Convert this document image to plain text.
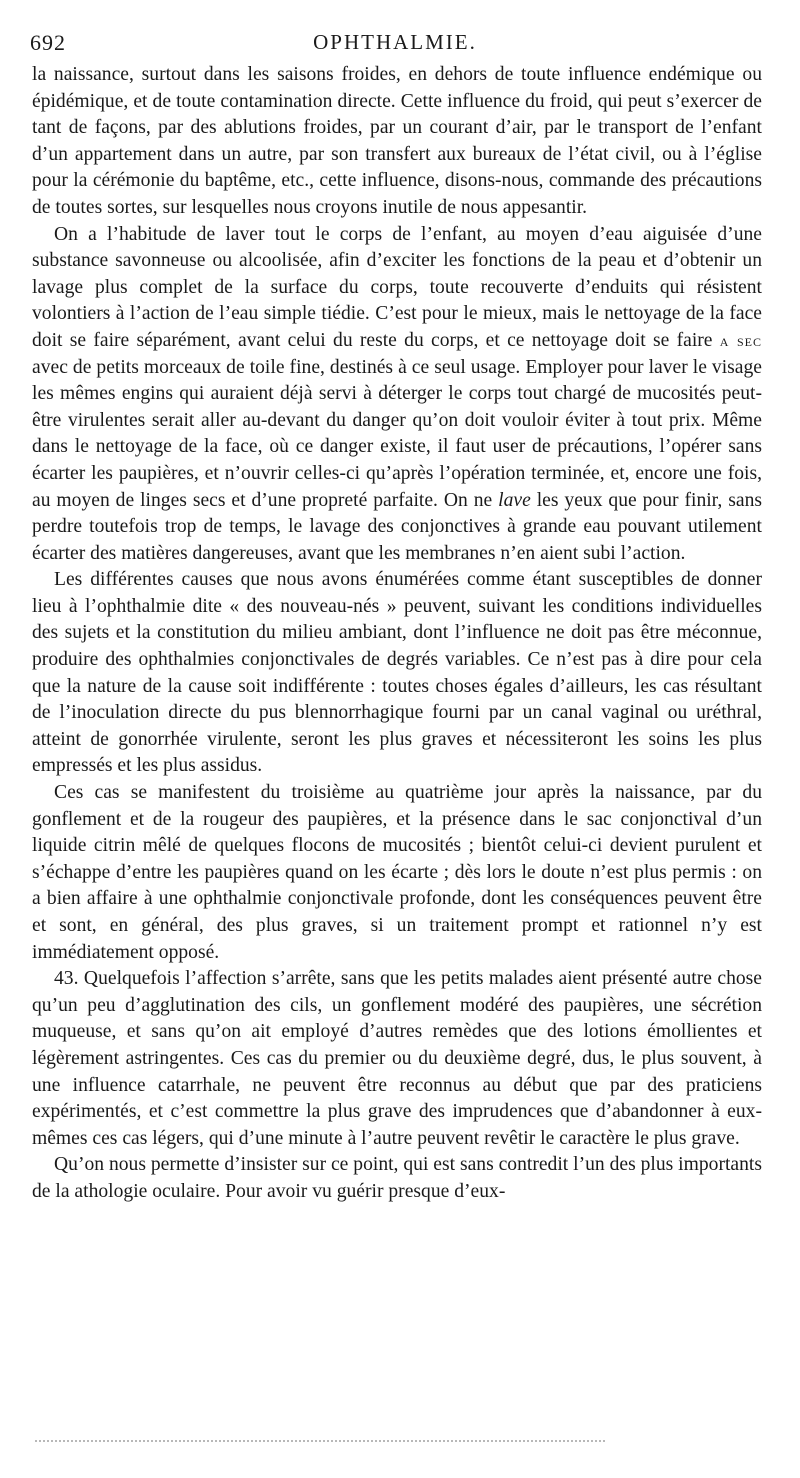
692	OPHTHALMIE.

la naissance, surtout dans les saisons froides, en dehors de toute influence endémique ou épidémique, et de toute contamination directe. Cette influence du froid, qui peut s’exercer de tant de façons, par des ablutions froides, par un courant d’air, par le transport de l’enfant d’un appartement dans un autre, par son transfert aux bureaux de l’état civil, ou à l’église pour la cérémonie du baptême, etc., cette influence, disons-nous, commande des précautions de toutes sortes, sur lesquelles nous croyons inutile de nous appesantir.

On a l’habitude de laver tout le corps de l’enfant, au moyen d’eau aiguisée d’une substance savonneuse ou alcoolisée, afin d’exciter les fonctions de la peau et d’obtenir un lavage plus complet de la surface du corps, toute recouverte d’enduits qui résistent volontiers à l’action de l’eau simple tiédie. C’est pour le mieux, mais le nettoyage de la face doit se faire séparément, avant celui du reste du corps, et ce nettoyage doit se faire a sec avec de petits morceaux de toile fine, destinés à ce seul usage. Employer pour laver le visage les mêmes engins qui auraient déjà servi à déterger le corps tout chargé de mucosités peut-être virulentes serait aller au-devant du danger qu’on doit vouloir éviter à tout prix. Même dans le nettoyage de la face, où ce danger existe, il faut user de précautions, l’opérer sans écarter les paupières, et n’ouvrir celles-ci qu’après l’opération terminée, et, encore une fois, au moyen de linges secs et d’une propreté parfaite. On ne lave les yeux que pour finir, sans perdre toutefois trop de temps, le lavage des conjonctives à grande eau pouvant utilement écarter des matières dangereuses, avant que les membranes n’en aient subi l’action.

Les différentes causes que nous avons énumérées comme étant susceptibles de donner lieu à l’ophthalmie dite « des nouveau-nés » peuvent, suivant les conditions individuelles des sujets et la constitution du milieu ambiant, dont l’influence ne doit pas être méconnue, produire des ophthalmies conjonctivales de degrés variables. Ce n’est pas à dire pour cela que la nature de la cause soit indifférente : toutes choses égales d’ailleurs, les cas résultant de l’inoculation directe du pus blennorrhagique fourni par un canal vaginal ou uréthral, atteint de gonorrhée virulente, seront les plus graves et nécessiteront les soins les plus empressés et les plus assidus.

Ces cas se manifestent du troisième au quatrième jour après la naissance, par du gonflement et de la rougeur des paupières, et la présence dans le sac conjonctival d’un liquide citrin mêlé de quelques flocons de mucosités ; bientôt celui-ci devient purulent et s’échappe d’entre les paupières quand on les écarte ; dès lors le doute n’est plus permis : on a bien affaire à une ophthalmie conjonctivale profonde, dont les conséquences peuvent être et sont, en général, des plus graves, si un traitement prompt et rationnel n’y est immédiatement opposé.

43. Quelquefois l’affection s’arrête, sans que les petits malades aient présenté autre chose qu’un peu d’agglutination des cils, un gonflement modéré des paupières, une sécrétion muqueuse, et sans qu’on ait employé d’autres remèdes que des lotions émollientes et légèrement astringentes. Ces cas du premier ou du deuxième degré, dus, le plus souvent, à une influence catarrhale, ne peuvent être reconnus au début que par des praticiens expérimentés, et c’est commettre la plus grave des imprudences que d’abandonner à eux-mêmes ces cas légers, qui d’une minute à l’autre peuvent revêtir le caractère le plus grave.

Qu’on nous permette d’insister sur ce point, qui est sans contredit l’un des plus importants de la athologie oculaire. Pour avoir vu guérir presque d’eux-
